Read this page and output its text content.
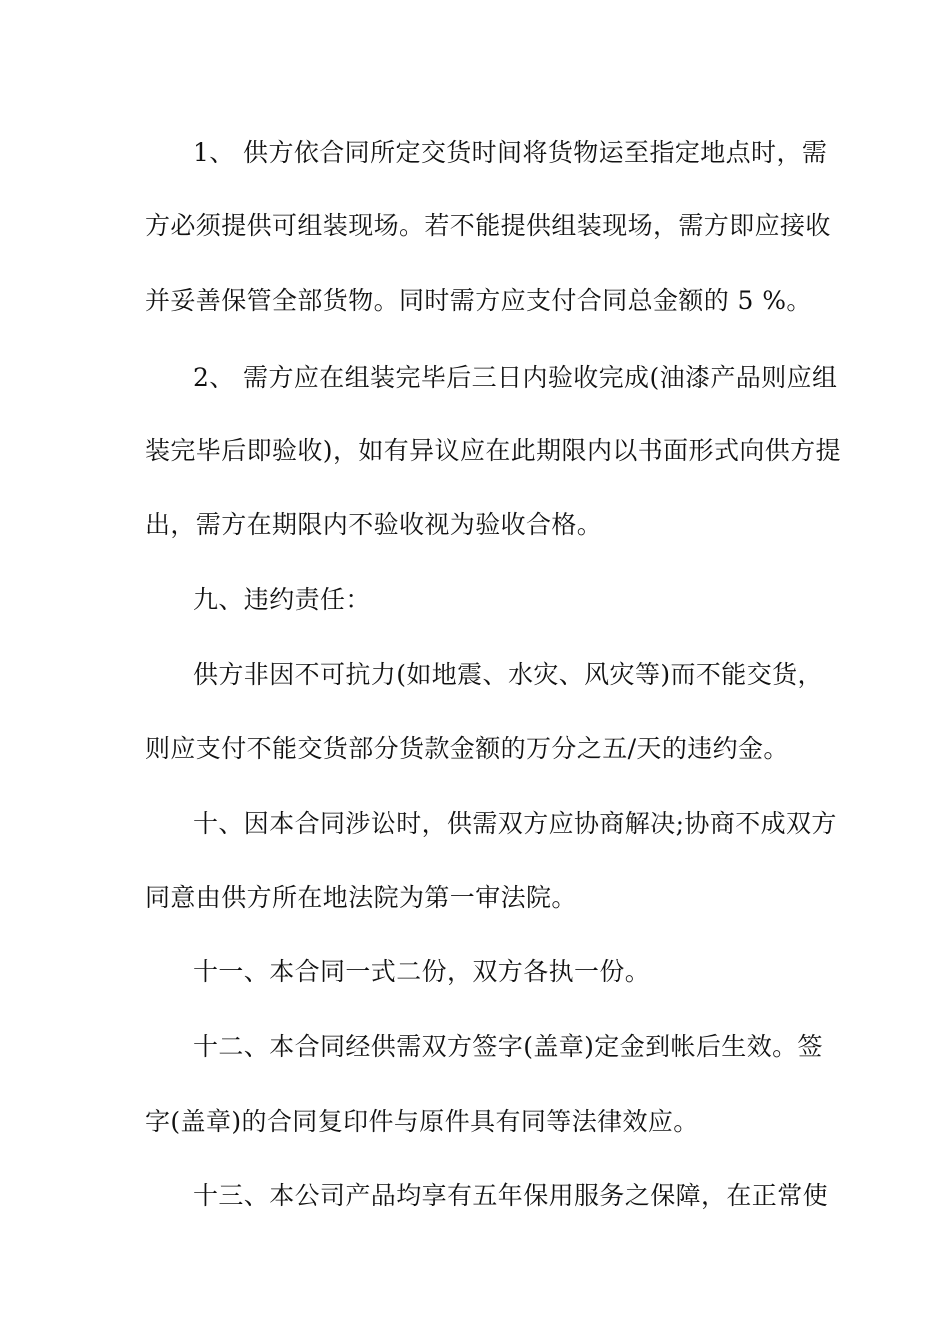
1、 供方依合同所定交货时间将货物运至指定地点时，需
方必须提供可组装现场。若不能提供组装现场，需方即应接收
并妥善保管全部货物。同时需方应支付合同总金额的 5 %。
2、 需方应在组装完毕后三日内验收完成(油漆产品则应组
装完毕后即验收)，如有异议应在此期限内以书面形式向供方提
出，需方在期限内不验收视为验收合格。
九、违约责任：
供方非因不可抗力(如地震、水灾、风灾等)而不能交货，
则应支付不能交货部分货款金额的万分之五/天的违约金。
十、因本合同涉讼时，供需双方应协商解决;协商不成双方
同意由供方所在地法院为第一审法院。
十一、本合同一式二份，双方各执一份。
十二、本合同经供需双方签字(盖章)定金到帐后生效。签
字(盖章)的合同复印件与原件具有同等法律效应。
十三、本公司产品均享有五年保用服务之保障，在正常使
